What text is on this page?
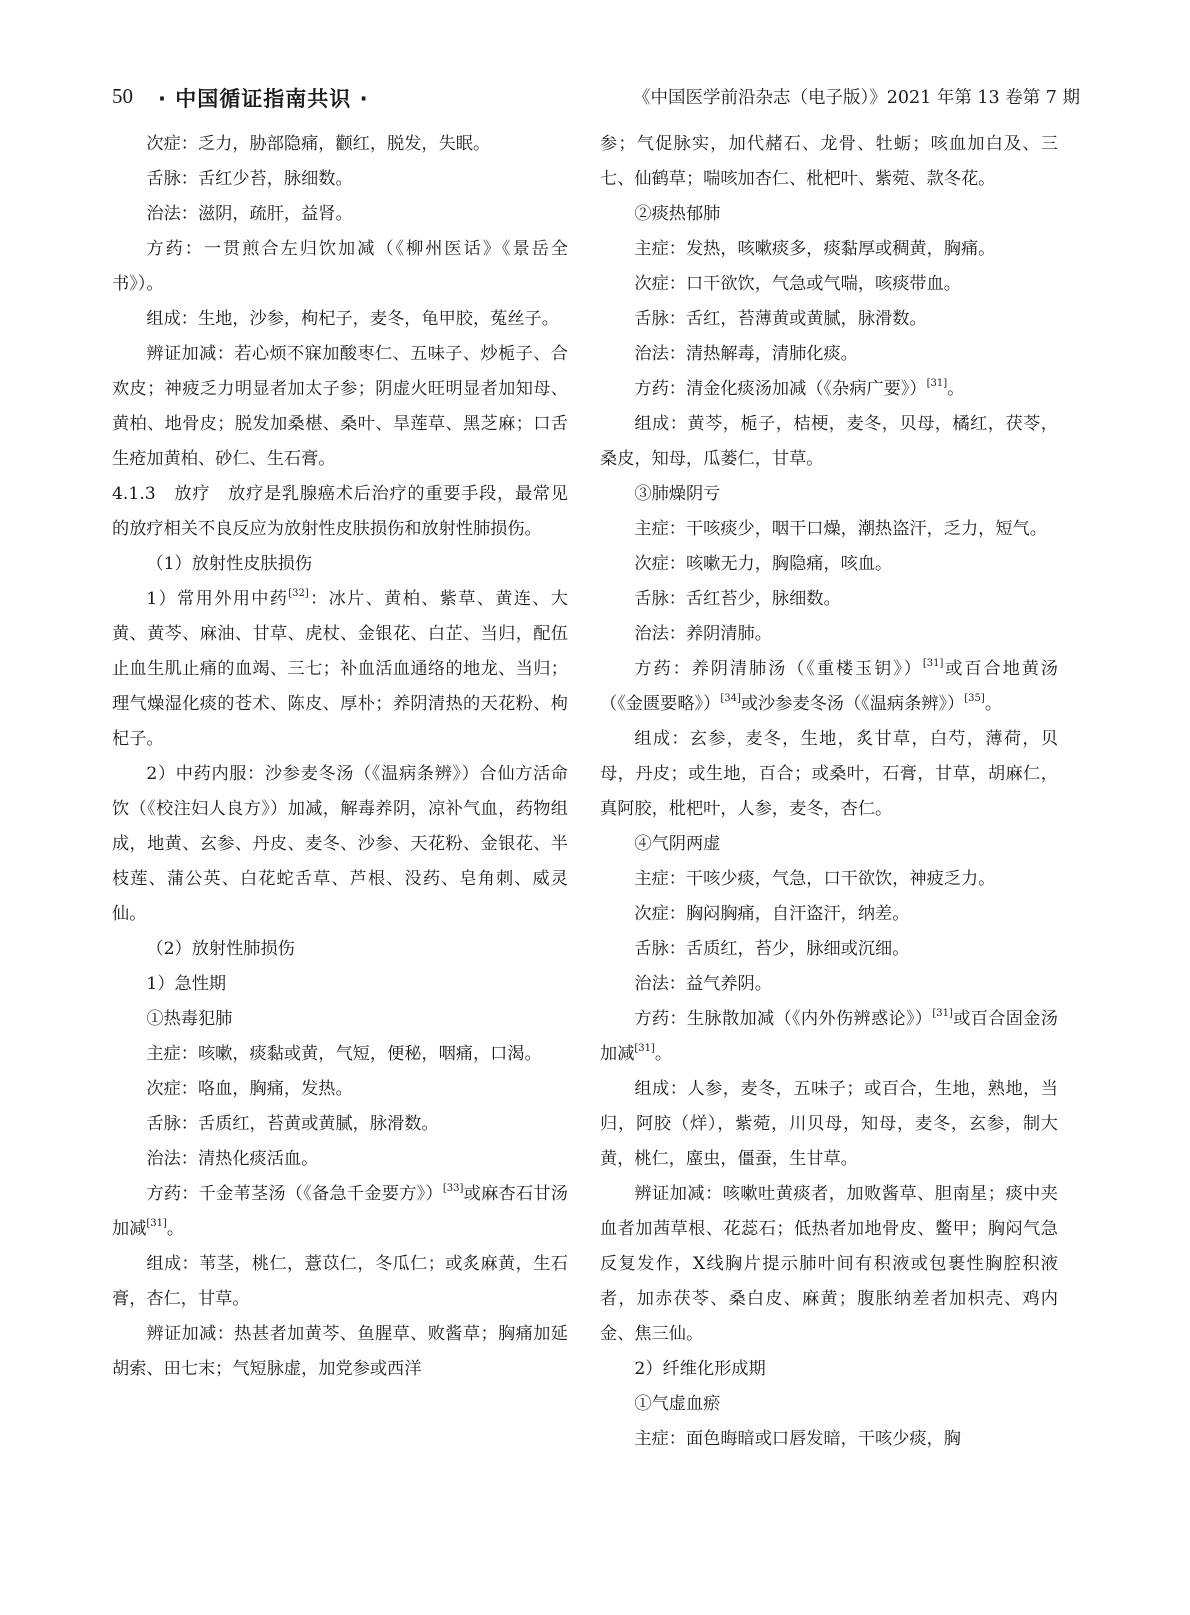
50 · 中国循证指南共识 ·	《中国医学前沿杂志（电子版）》2021 年第 13 卷第 7 期

次症：乏力，胁部隐痛，颧红，脱发，失眠。

舌脉：舌红少苔，脉细数。

治法：滋阴，疏肝，益肾。

方药：一贯煎合左归饮加减（《柳州医话》《景岳全书》）。

组成：生地，沙参，枸杞子，麦冬，龟甲胶，菟丝子。

辨证加减：若心烦不寐加酸枣仁、五味子、炒栀子、合欢皮；神疲乏力明显者加太子参；阴虚火旺明显者加知母、黄柏、地骨皮；脱发加桑椹、桑叶、旱莲草、黑芝麻；口舌生疮加黄柏、砂仁、生石膏。

4.1.3　放疗　放疗是乳腺癌术后治疗的重要手段，最常见的放疗相关不良反应为放射性皮肤损伤和放射性肺损伤。

（1）放射性皮肤损伤

1）常用外用中药[32]：冰片、黄柏、紫草、黄连、大黄、黄芩、麻油、甘草、虎杖、金银花、白芷、当归，配伍止血生肌止痛的血竭、三七；补血活血通络的地龙、当归；理气燥湿化痰的苍术、陈皮、厚朴；养阴清热的天花粉、枸杞子。

2）中药内服：沙参麦冬汤（《温病条辨》）合仙方活命饮（《校注妇人良方》）加减，解毒养阴，凉补气血，药物组成，地黄、玄参、丹皮、麦冬、沙参、天花粉、金银花、半枝莲、蒲公英、白花蛇舌草、芦根、没药、皂角刺、威灵仙。

（2）放射性肺损伤

1）急性期

①热毒犯肺

主症：咳嗽，痰黏或黄，气短，便秘，咽痛，口渴。

次症：咯血，胸痛，发热。

舌脉：舌质红，苔黄或黄腻，脉滑数。

治法：清热化痰活血。

方药：千金苇茎汤（《备急千金要方》）[33]或麻杏石甘汤加减[31]。

组成：苇茎，桃仁，薏苡仁，冬瓜仁；或炙麻黄，生石膏，杏仁，甘草。

辨证加减：热甚者加黄芩、鱼腥草、败酱草；胸痛加延胡索、田七末；气短脉虚，加党参或西洋

参；气促脉实，加代赭石、龙骨、牡蛎；咳血加白及、三七、仙鹤草；喘咳加杏仁、枇杷叶、紫菀、款冬花。

②痰热郁肺

主症：发热，咳嗽痰多，痰黏厚或稠黄，胸痛。

次症：口干欲饮，气急或气喘，咳痰带血。

舌脉：舌红，苔薄黄或黄腻，脉滑数。

治法：清热解毒，清肺化痰。

方药：清金化痰汤加减（《杂病广要》）[31]。

组成：黄芩，栀子，桔梗，麦冬，贝母，橘红，茯苓，桑皮，知母，瓜蒌仁，甘草。

③肺燥阴亏

主症：干咳痰少，咽干口燥，潮热盗汗，乏力，短气。

次症：咳嗽无力，胸隐痛，咳血。

舌脉：舌红苔少，脉细数。

治法：养阴清肺。

方药：养阴清肺汤（《重楼玉钥》）[31]或百合地黄汤（《金匮要略》）[34]或沙参麦冬汤（《温病条辨》）[35]。

组成：玄参，麦冬，生地，炙甘草，白芍，薄荷，贝母，丹皮；或生地，百合；或桑叶，石膏，甘草，胡麻仁，真阿胶，枇杷叶，人参，麦冬，杏仁。

④气阴两虚

主症：干咳少痰，气急，口干欲饮，神疲乏力。

次症：胸闷胸痛，自汗盗汗，纳差。

舌脉：舌质红，苔少，脉细或沉细。

治法：益气养阴。

方药：生脉散加减（《内外伤辨惑论》）[31]或百合固金汤加减[31]。

组成：人参，麦冬，五味子；或百合，生地，熟地，当归，阿胶（烊），紫菀，川贝母，知母，麦冬，玄参，制大黄，桃仁，䗪虫，僵蚕，生甘草。

辨证加减：咳嗽吐黄痰者，加败酱草、胆南星；痰中夹血者加茜草根、花蕊石；低热者加地骨皮、鳖甲；胸闷气急反复发作，X线胸片提示肺叶间有积液或包裹性胸腔积液者，加赤茯苓、桑白皮、麻黄；腹胀纳差者加枳壳、鸡内金、焦三仙。

2）纤维化形成期

①气虚血瘀

主症：面色晦暗或口唇发暗，干咳少痰，胸
